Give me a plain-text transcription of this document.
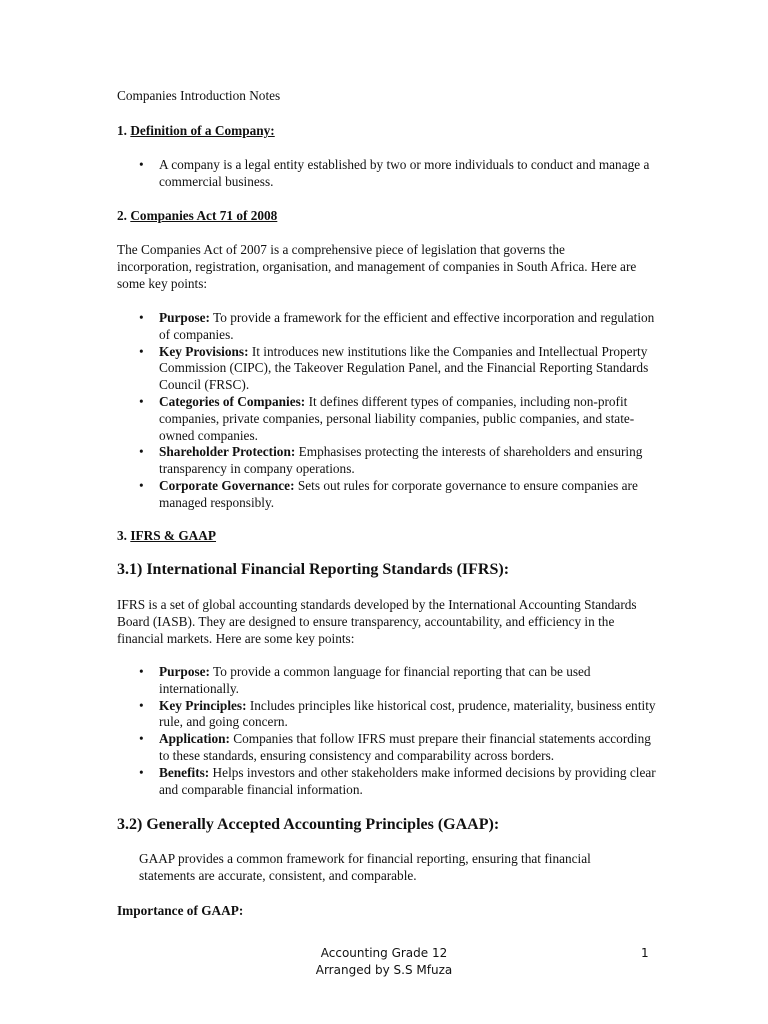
Companies Introduction Notes
1. Definition of a Company:
• A company is a legal entity established by two or more individuals to conduct and manage a commercial business.
2. Companies Act 71 of 2008
The Companies Act of 2007 is a comprehensive piece of legislation that governs the incorporation, registration, organisation, and management of companies in South Africa. Here are some key points:
• Purpose: To provide a framework for the efficient and effective incorporation and regulation of companies.
• Key Provisions: It introduces new institutions like the Companies and Intellectual Property Commission (CIPC), the Takeover Regulation Panel, and the Financial Reporting Standards Council (FRSC).
• Categories of Companies: It defines different types of companies, including non-profit companies, private companies, personal liability companies, public companies, and state-owned companies.
• Shareholder Protection: Emphasises protecting the interests of shareholders and ensuring transparency in company operations.
• Corporate Governance: Sets out rules for corporate governance to ensure companies are managed responsibly.
3. IFRS & GAAP
3.1) International Financial Reporting Standards (IFRS):
IFRS is a set of global accounting standards developed by the International Accounting Standards Board (IASB). They are designed to ensure transparency, accountability, and efficiency in the financial markets. Here are some key points:
• Purpose: To provide a common language for financial reporting that can be used internationally.
• Key Principles: Includes principles like historical cost, prudence, materiality, business entity rule, and going concern.
• Application: Companies that follow IFRS must prepare their financial statements according to these standards, ensuring consistency and comparability across borders.
• Benefits: Helps investors and other stakeholders make informed decisions by providing clear and comparable financial information.
3.2) Generally Accepted Accounting Principles (GAAP):
GAAP provides a common framework for financial reporting, ensuring that financial statements are accurate, consistent, and comparable.
Importance of GAAP:
Accounting Grade 12
Arranged by S.S Mfuza
1
